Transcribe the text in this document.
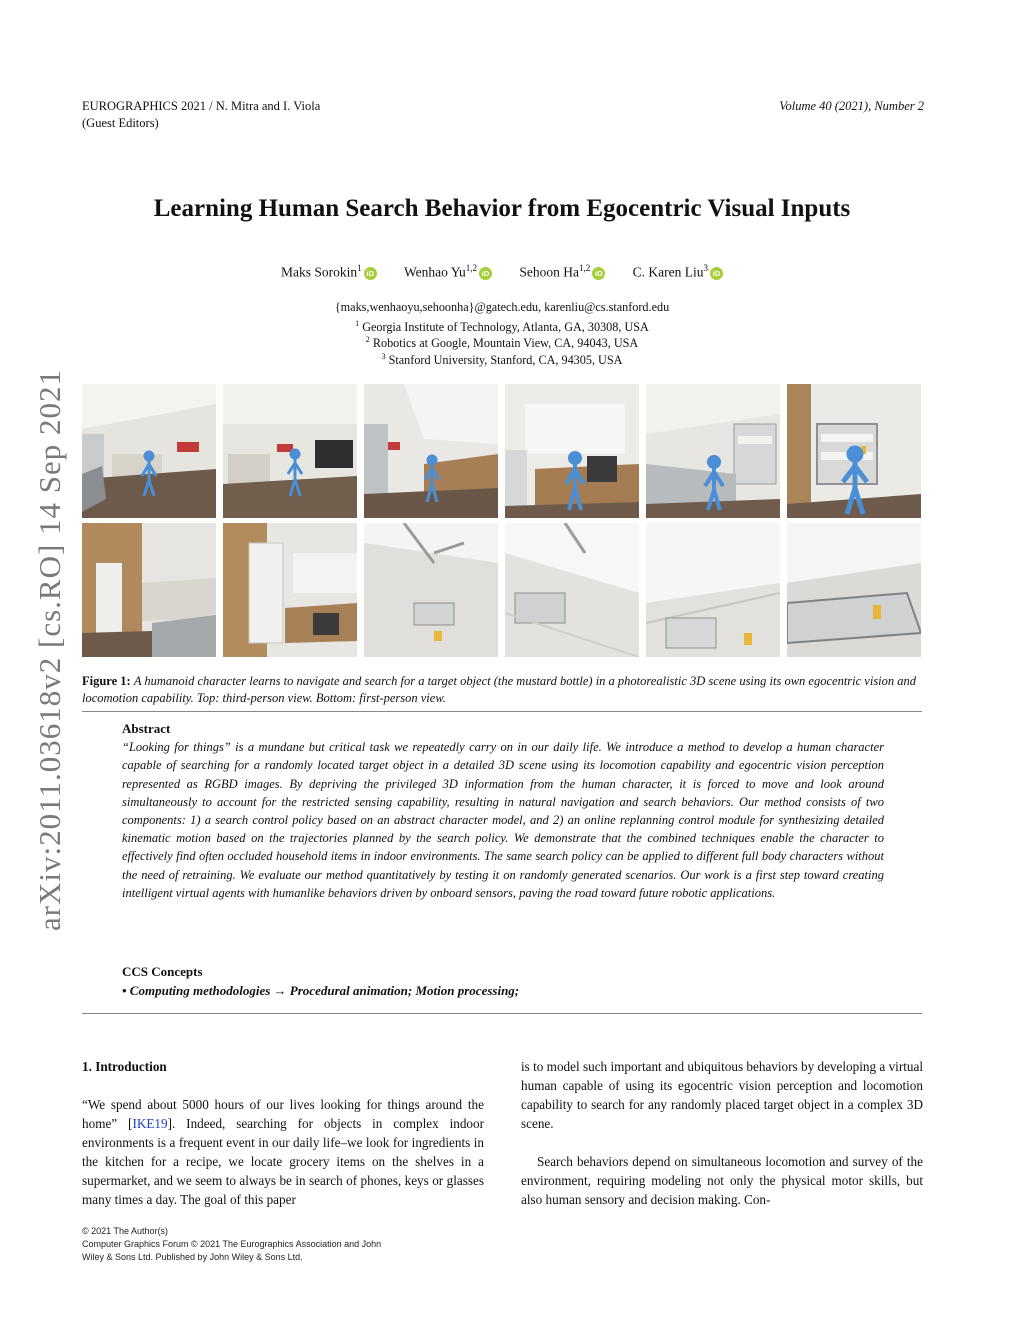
EUROGRAPHICS 2021 / N. Mitra and I. Viola
(Guest Editors)
Volume 40 (2021), Number 2
arXiv:2011.03618v2 [cs.RO] 14 Sep 2021
Learning Human Search Behavior from Egocentric Visual Inputs
Maks Sorokin$^1$ iD Wenhao Yu$^{1,2}$ iD Sehoon Ha$^{1,2}$ iD C. Karen Liu$^3$ iD
{maks,wenhaoyu,sehoonha}@gatech.edu, karenliu@cs.stanford.edu
$^1$ Georgia Institute of Technology, Atlanta, GA, 30308, USA
$^2$ Robotics at Google, Mountain View, CA, 94043, USA
$^3$ Stanford University, Stanford, CA, 94305, USA
Figure 1: A humanoid character learns to navigate and search for a target object (the mustard bottle) in a photorealistic 3D scene using its own egocentric vision and locomotion capability. Top: third-person view. Bottom: first-person view.
Abstract

“Looking for things” is a mundane but critical task we repeatedly carry on in our daily life. We introduce a method to develop a human character capable of searching for a randomly located target object in a detailed 3D scene using its locomotion capability and egocentric vision perception represented as RGBD images. By depriving the privileged 3D information from the human character, it is forced to move and look around simultaneously to account for the restricted sensing capability, resulting in natural navigation and search behaviors. Our method consists of two components: 1) a search control policy based on an abstract character model, and 2) an online replanning control module for synthesizing detailed kinematic motion based on the trajectories planned by the search policy. We demonstrate that the combined techniques enable the character to effectively find often occluded household items in indoor environments. The same search policy can be applied to different full body characters without the need of retraining. We evaluate our method quantitatively by testing it on randomly generated scenarios. Our work is a first step toward creating intelligent virtual agents with humanlike behaviors driven by onboard sensors, paving the road toward future robotic applications.

CCS Concepts
• Computing methodologies → Procedural animation; Motion processing;
1. Introduction

“We spend about 5000 hours of our lives looking for things around the home” [IKE19]. Indeed, searching for objects in complex indoor environments is a frequent event in our daily life–we look for ingredients in the kitchen for a recipe, we locate grocery items on the shelves in a supermarket, and we seem to always be in search of phones, keys or glasses many times a day. The goal of this paper

is to model such important and ubiquitous behaviors by developing a virtual human capable of using its egocentric vision perception and locomotion capability to search for any randomly placed target object in a complex 3D scene.

Search behaviors depend on simultaneous locomotion and survey of the environment, requiring modeling not only the physical motor skills, but also human sensory and decision making. Con-

© 2021 The Author(s)
Computer Graphics Forum © 2021 The Eurographics Association and John
Wiley & Sons Ltd. Published by John Wiley & Sons Ltd.
